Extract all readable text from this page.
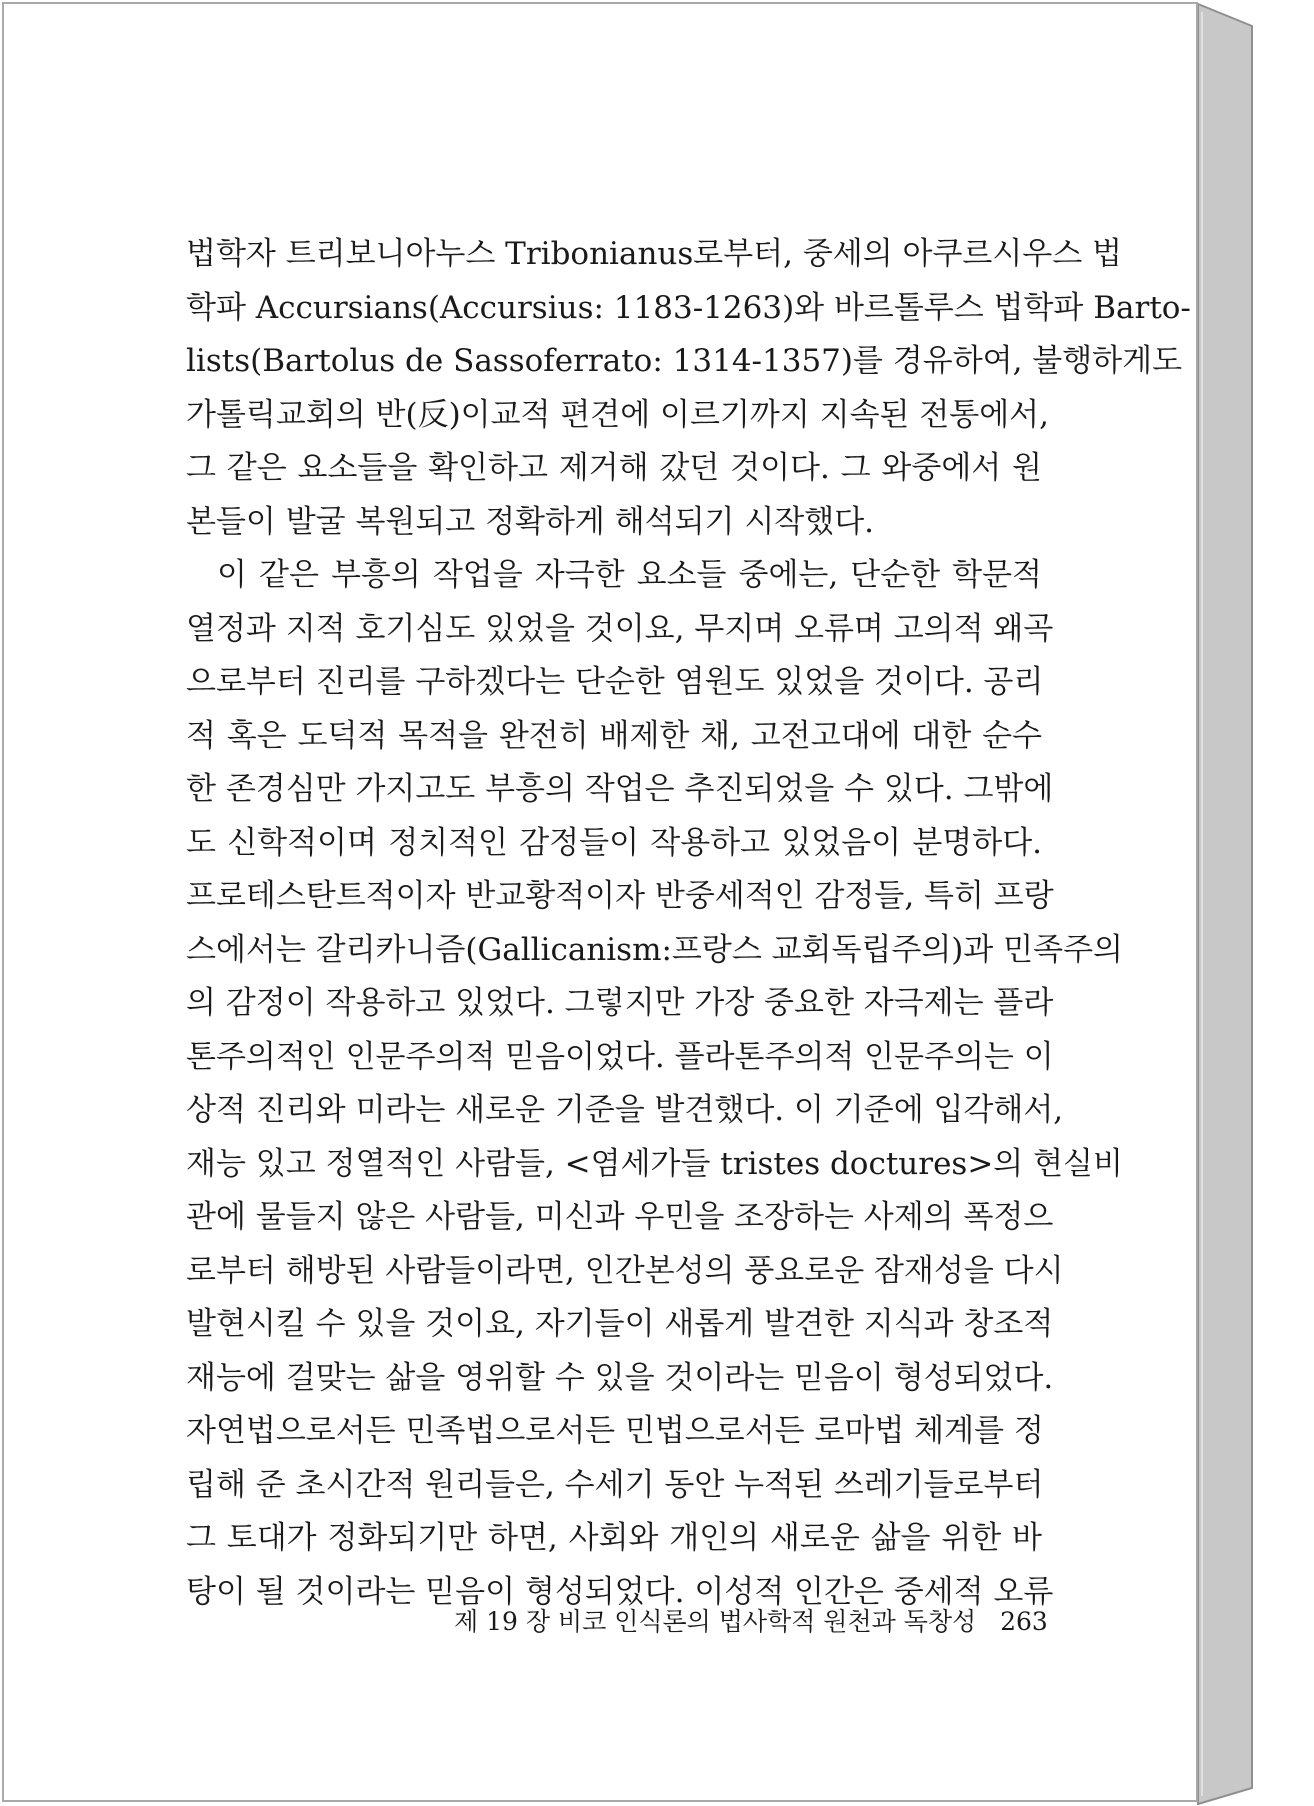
법학자 트리보니아누스 Tribonianus로부터, 중세의 아쿠르시우스 법
학파 Accursians(Accursius: 1183-1263)와 바르톨루스 법학파 Barto-
lists(Bartolus de Sassoferrato: 1314-1357)를 경유하여, 불행하게도
가톨릭교회의 반(反)이교적 편견에 이르기까지 지속된 전통에서,
그 같은 요소들을 확인하고 제거해 갔던 것이다. 그 와중에서 원
본들이 발굴 복원되고 정확하게 해석되기 시작했다.
이 같은 부흥의 작업을 자극한 요소들 중에는, 단순한 학문적
열정과 지적 호기심도 있었을 것이요, 무지며 오류며 고의적 왜곡
으로부터 진리를 구하겠다는 단순한 염원도 있었을 것이다. 공리
적 혹은 도덕적 목적을 완전히 배제한 채, 고전고대에 대한 순수
한 존경심만 가지고도 부흥의 작업은 추진되었을 수 있다. 그밖에
도 신학적이며 정치적인 감정들이 작용하고 있었음이 분명하다.
프로테스탄트적이자 반교황적이자 반중세적인 감정들, 특히 프랑
스에서는 갈리카니즘(Gallicanism:프랑스 교회독립주의)과 민족주의
의 감정이 작용하고 있었다. 그렇지만 가장 중요한 자극제는 플라
톤주의적인 인문주의적 믿음이었다. 플라톤주의적 인문주의는 이
상적 진리와 미라는 새로운 기준을 발견했다. 이 기준에 입각해서,
재능 있고 정열적인 사람들, <염세가들 tristes doctures>의 현실비
관에 물들지 않은 사람들, 미신과 우민을 조장하는 사제의 폭정으
로부터 해방된 사람들이라면, 인간본성의 풍요로운 잠재성을 다시
발현시킬 수 있을 것이요, 자기들이 새롭게 발견한 지식과 창조적
재능에 걸맞는 삶을 영위할 수 있을 것이라는 믿음이 형성되었다.
자연법으로서든 민족법으로서든 민법으로서든 로마법 체계를 정
립해 준 초시간적 원리들은, 수세기 동안 누적된 쓰레기들로부터
그 토대가 정화되기만 하면, 사회와 개인의 새로운 삶을 위한 바
탕이 될 것이라는 믿음이 형성되었다. 이성적 인간은 중세적 오류
제 19 장 비코 인식론의 법사학적 원천과 독창성 263
